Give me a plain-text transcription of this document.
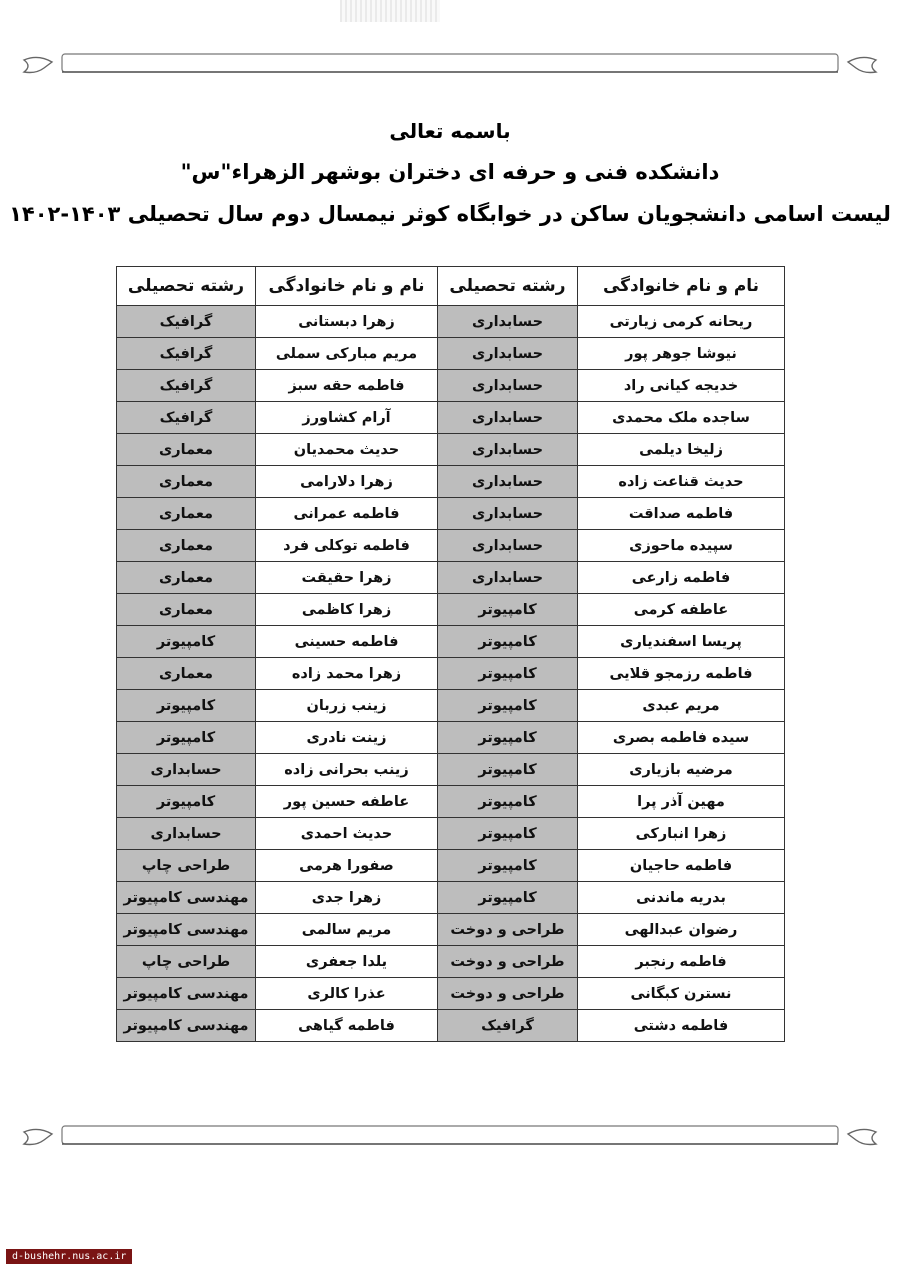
باسمه تعالی
دانشکده فنی و حرفه ای دختران بوشهر الزهراء"س"
لیست اسامی دانشجویان ساکن در خوابگاه کوثر نیمسال دوم سال تحصیلی ۱۴۰۳-۱۴۰۲
نام و نام خانوادگی	رشته تحصیلی	نام و نام خانوادگی	رشته تحصیلی
ریحانه کرمی زیارتی	حسابداری	زهرا دبستانی	گرافیک
نیوشا جوهر پور	حسابداری	مریم مبارکی سملی	گرافیک
خدیجه کیانی راد	حسابداری	فاطمه حقه سبز	گرافیک
ساجده ملک محمدی	حسابداری	آرام کشاورز	گرافیک
زلیخا دیلمی	حسابداری	حدیث محمدیان	معماری
حدیث قناعت زاده	حسابداری	زهرا دلارامی	معماری
فاطمه صداقت	حسابداری	فاطمه عمرانی	معماری
سپیده ماحوزی	حسابداری	فاطمه توکلی فرد	معماری
فاطمه زارعی	حسابداری	زهرا حقیقت	معماری
عاطفه کرمی	کامپیوتر	زهرا کاظمی	معماری
پریسا اسفندیاری	کامپیوتر	فاطمه حسینی	کامپیوتر
فاطمه رزمجو قلایی	کامپیوتر	زهرا محمد زاده	معماری
مریم عبدی	کامپیوتر	زینب زربان	کامپیوتر
سیده فاطمه بصری	کامپیوتر	زینت نادری	کامپیوتر
مرضیه بازیاری	کامپیوتر	زینب بحرانی زاده	حسابداری
مهین آذر پرا	کامپیوتر	عاطفه حسین پور	کامپیوتر
زهرا انبارکی	کامپیوتر	حدیث احمدی	حسابداری
فاطمه حاجیان	کامپیوتر	صفورا هرمی	طراحی چاپ
بدریه ماندنی	کامپیوتر	زهرا جدی	مهندسی کامپیوتر
رضوان عبدالهی	طراحی و دوخت	مریم سالمی	مهندسی کامپیوتر
فاطمه رنجبر	طراحی و دوخت	یلدا جعفری	طراحی چاپ
نسترن کبگانی	طراحی و دوخت	عذرا کالری	مهندسی کامپیوتر
فاطمه دشتی	گرافیک	فاطمه گیاهی	مهندسی کامپیوتر
d-bushehr.nus.ac.ir
